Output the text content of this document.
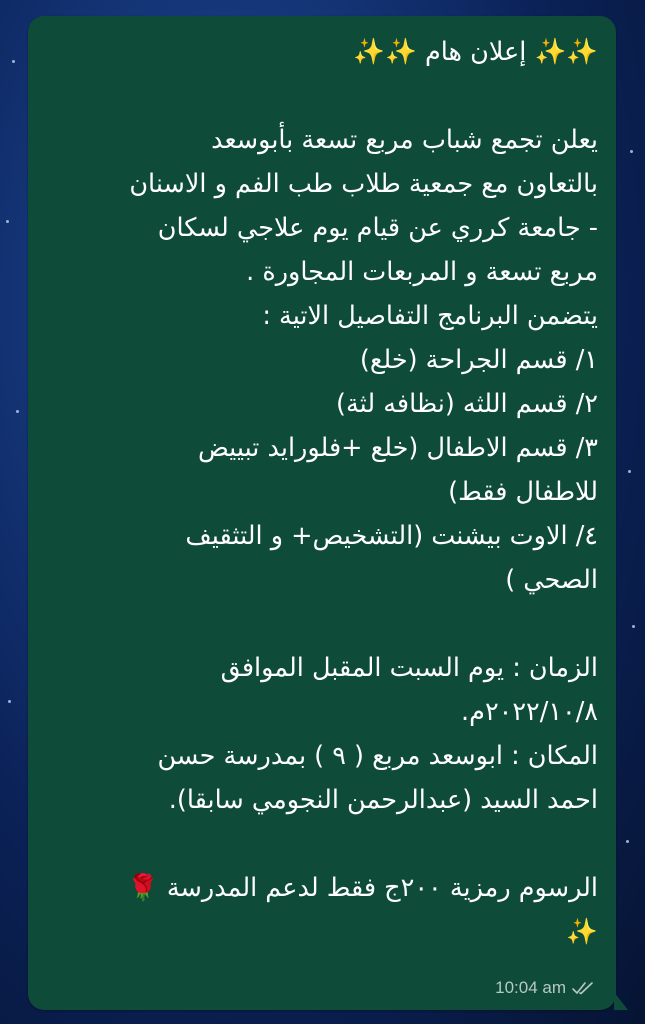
✨✨ إعلان هام ✨✨
يعلن تجمع شباب مربع تسعة بأبوسعد
بالتعاون مع جمعية طلاب طب الفم و الاسنان
- جامعة كرري عن قيام يوم علاجي لسكان
مربع تسعة و المربعات المجاورة .
يتضمن البرنامج التفاصيل الاتية :
١/ قسم الجراحة (خلع)
٢/ قسم اللثه (نظافه لثة)
٣/ قسم الاطفال (خلع +فلورايد تبييض
للاطفال فقط)
٤/ الاوت بيشنت (التشخيص+ و التثقيف
الصحي )
الزمان : يوم السبت المقبل الموافق
٢٠٢٢/١٠/٨م.
المكان : ابوسعد مربع ( ٩ ) بمدرسة حسن
احمد السيد (عبدالرحمن النجومي سابقا).
الرسوم رمزية ٢٠٠ج فقط لدعم المدرسة 🌹
✨
10:04 am
